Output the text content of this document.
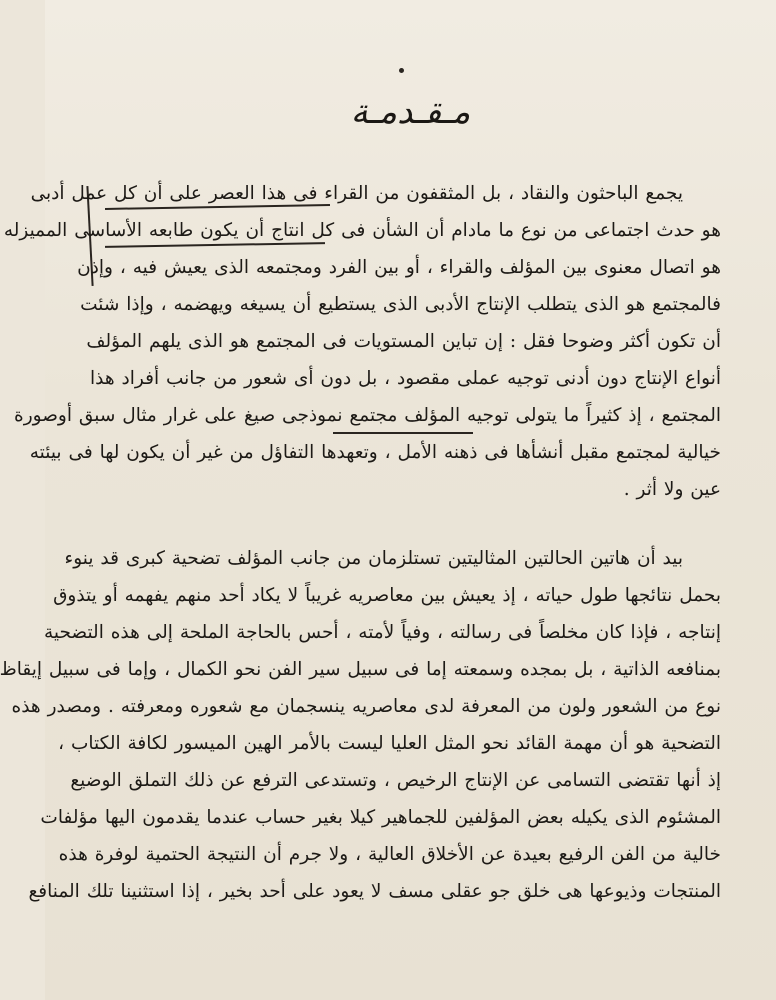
مـقـدمـة
يجمع الباحثون والنقاد ، بل المثقفون من القراء فى هذا العصر على أن كل عمل أدبى
هو حدث اجتماعى من نوع ما مادام أن الشأن فى كل انتاج أن يكون طابعه الأساسى المميزله
هو اتصال معنوى بين المؤلف والقراء ، أو بين الفرد ومجتمعه الذى يعيش فيه ، وإذن
فالمجتمع هو الذى يتطلب الإنتاج الأدبى الذى يستطيع أن يسيغه ويهضمه ، وإذا شئت
أن تكون أكثر وضوحا فقل : إن تباين المستويات فى المجتمع هو الذى يلهم المؤلف
أنواع الإنتاج دون أدنى توجيه عملى مقصود ، بل دون أى شعور من جانب أفراد هذا
المجتمع ، إذ كثيراً ما يتولى توجيه المؤلف مجتمع نموذجى صيغ على غرار مثال سبق أوصورة
خيالية لمجتمع مقبل أنشأها فى ذهنه الأمل ، وتعهدها التفاؤل من غير أن يكون لها فى بيئته
عين ولا أثر .
بيد أن هاتين الحالتين المثاليتين تستلزمان من جانب المؤلف تضحية كبرى قد ينوء
بحمل نتائجها طول حياته ، إذ يعيش بين معاصريه غريباً لا يكاد أحد منهم يفهمه أو يتذوق
إنتاجه ، فإذا كان مخلصاً فى رسالته ، وفياً لأمته ، أحس بالحاجة الملحة إلى هذه التضحية
بمنافعه الذاتية ، بل بمجده وسمعته إما فى سبيل سير الفن نحو الكمال ، وإما فى سبيل إيقاظ
نوع من الشعور ولون من المعرفة لدى معاصريه ينسجمان مع شعوره ومعرفته . ومصدر هذه
التضحية هو أن مهمة القائد نحو المثل العليا ليست بالأمر الهين الميسور لكافة الكتاب ،
إذ أنها تقتضى التسامى عن الإنتاج الرخيص ، وتستدعى الترفع عن ذلك التملق الوضيع
المشئوم الذى يكيله بعض المؤلفين للجماهير كيلا بغير حساب عندما يقدمون اليها مؤلفات
خالية من الفن الرفيع بعيدة عن الأخلاق العالية ، ولا جرم أن النتيجة الحتمية لوفرة هذه
المنتجات وذيوعها هى خلق جو عقلى مسف لا يعود على أحد بخير ، إذا استثنينا تلك المنافع
